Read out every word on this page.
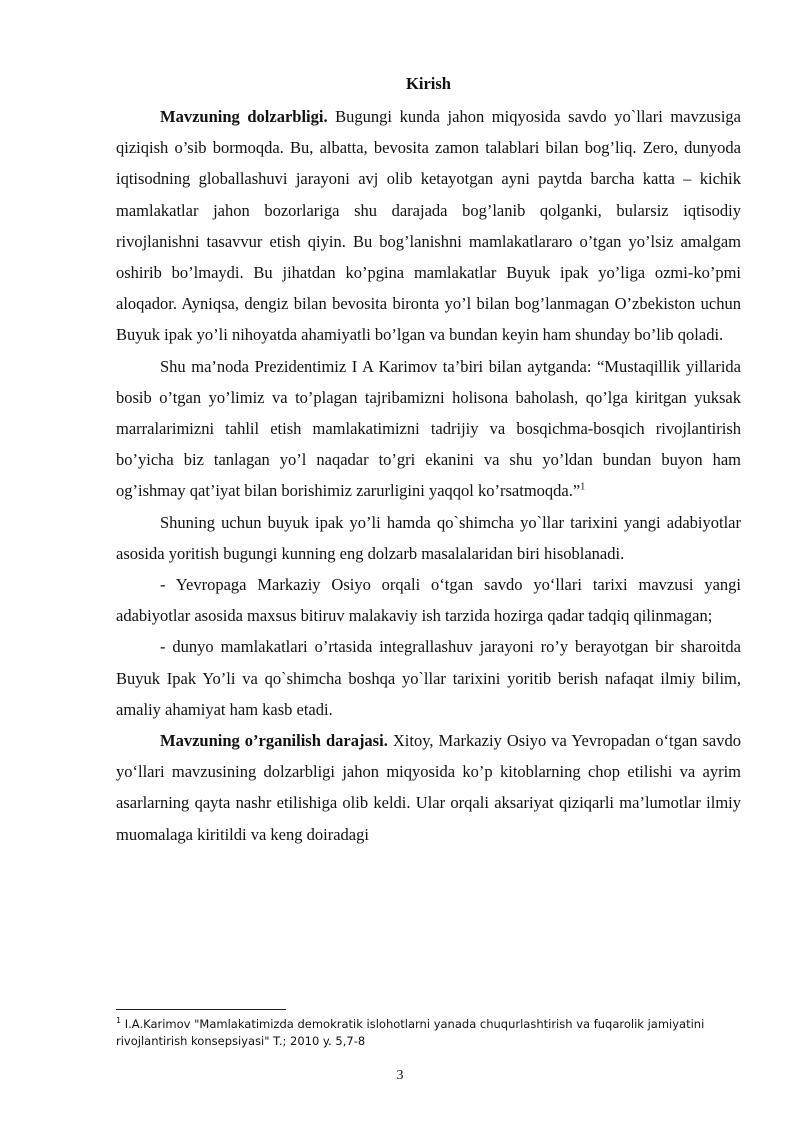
Kirish

Mavzuning dolzarbligi. Bugungi kunda jahon miqyosida savdo yo`llari mavzusiga qiziqish o’sib bormoqda. Bu, albatta, bevosita zamon talablari bilan bog’liq. Zero, dunyoda iqtisodning globallashuvi jarayoni avj olib ketayotgan ayni paytda barcha katta – kichik mamlakatlar jahon bozorlariga shu darajada bog’lanib qolganki, bularsiz iqtisodiy rivojlanishni tasavvur etish qiyin. Bu bog’lanishni mamlakatlararo o’tgan yo’lsiz amalgam oshirib bo’lmaydi. Bu jihatdan ko’pgina mamlakatlar Buyuk ipak yo’liga ozmi-ko’pmi aloqador. Ayniqsa, dengiz bilan bevosita bironta yo’l bilan bog’lanmagan O’zbekiston uchun Buyuk ipak yo’li nihoyatda ahamiyatli bo’lgan va bundan keyin ham shunday bo’lib qoladi.

Shu ma’noda Prezidentimiz I A Karimov ta’biri bilan aytganda: “Mustaqillik yillarida bosib o’tgan yo’limiz va to’plagan tajribamizni holisona baholash, qo’lga kiritgan yuksak marralarimizni tahlil etish mamlakatimizni tadrijiy va bosqichma-bosqich rivojlantirish bo’yicha biz tanlagan yo’l naqadar to’gri ekanini va shu yo’ldan bundan buyon ham og’ishmay qat’iyat bilan borishimiz zarurligini yaqqol ko’rsatmoqda.”$^1$

Shuning uchun buyuk ipak yo’li hamda qo`shimcha yo`llar tarixini yangi adabiyotlar asosida yoritish bugungi kunning eng dolzarb masalalaridan biri hisoblanadi.

- Yevropaga Markaziy Osiyo orqali o‘tgan savdo yo‘llari tarixi mavzusi yangi adabiyotlar asosida maxsus bitiruv malakaviy ish tarzida hozirga qadar tadqiq qilinmagan;

- dunyo mamlakatlari o’rtasida integrallashuv jarayoni ro’y berayotgan bir sharoitda Buyuk Ipak Yo’li va qo`shimcha boshqa yo`llar tarixini yoritib berish nafaqat ilmiy bilim, amaliy ahamiyat ham kasb etadi.

Mavzuning o’rganilish darajasi. Xitoy, Markaziy Osiyo va Yevropadan o‘tgan savdo yo‘llari mavzusining dolzarbligi jahon miqyosida ko’p kitoblarning chop etilishi va ayrim asarlarning qayta nashr etilishiga olib keldi. Ular orqali aksariyat qiziqarli ma’lumotlar ilmiy muomalaga kiritildi va keng doiradagi

$^1$ I.A.Karimov "Mamlakatimizda demokratik islohotlarni yanada chuqurlashtirish va fuqarolik jamiyatini rivojlantirish konsepsiyasi" T.; 2010 y. 5,7-8
3
